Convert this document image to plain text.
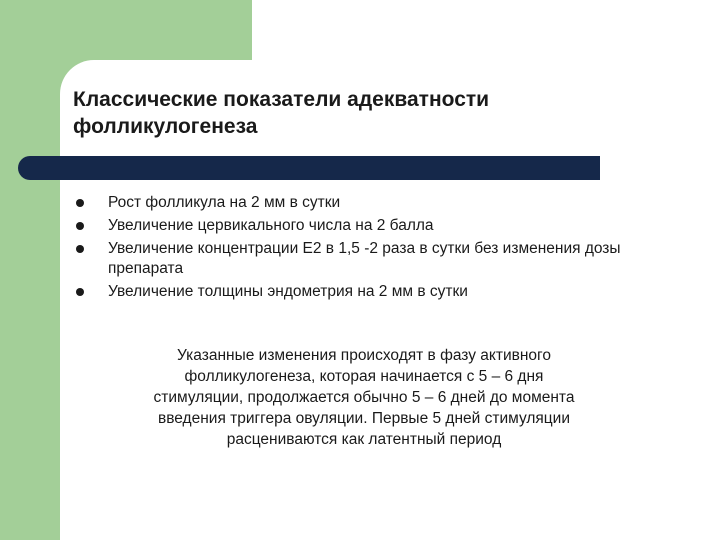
Классические показатели адекватности
фолликулогенеза
Рост фолликула на 2 мм в сутки
Увеличение цервикального числа на 2 балла
Увеличение концентрации Е2 в 1,5 -2 раза в сутки без изменения дозы препарата
Увеличение толщины эндометрия на 2 мм в сутки
Указанные изменения происходят в фазу активного
фолликулогенеза, которая начинается с 5 – 6 дня
стимуляции, продолжается обычно 5 – 6 дней до момента
введения триггера овуляции. Первые 5 дней стимуляции
расцениваются как латентный период
